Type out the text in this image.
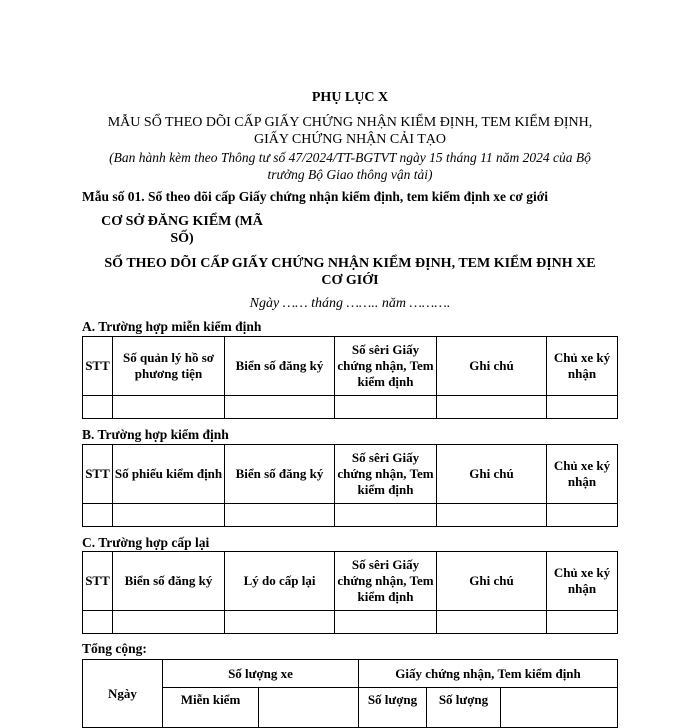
PHỤ LỤC X
MẪU SỔ THEO DÕI CẤP GIẤY CHỨNG NHẬN KIỂM ĐỊNH, TEM KIỂM ĐỊNH,
GIẤY CHỨNG NHẬN CẢI TẠO
(Ban hành kèm theo Thông tư số 47/2024/TT-BGTVT ngày 15 tháng 11 năm 2024 của Bộ
trưởng Bộ Giao thông vận tải)
Mẫu số 01. Sổ theo dõi cấp Giấy chứng nhận kiểm định, tem kiểm định xe cơ giới
CƠ SỞ ĐĂNG KIỂM (MÃ
SỐ)
SỐ THEO DÕI CẤP GIẤY CHỨNG NHẬN KIỂM ĐỊNH, TEM KIỂM ĐỊNH XE
CƠ GIỚI
Ngày …… tháng …….. năm ……….
A. Trường hợp miễn kiểm định
STT	Số quản lý hồ sơ phương tiện	Biển số đăng ký	Số sêri Giấy chứng nhận, Tem kiểm định	Ghi chú	Chủ xe ký nhận

B. Trường hợp kiểm định
STT	Số phiếu kiểm định	Biển số đăng ký	Số sêri Giấy chứng nhận, Tem kiểm định	Ghi chú	Chủ xe ký nhận

C. Trường hợp cấp lại
STT	Biển số đăng ký	Lý do cấp lại	Số sêri Giấy chứng nhận, Tem kiểm định	Ghi chú	Chủ xe ký nhận

Tổng cộng:
Ngày	Số lượng xe		Giấy chứng nhận, Tem kiểm định		
	Miễn kiểm		Số lượng	Số lượng	
